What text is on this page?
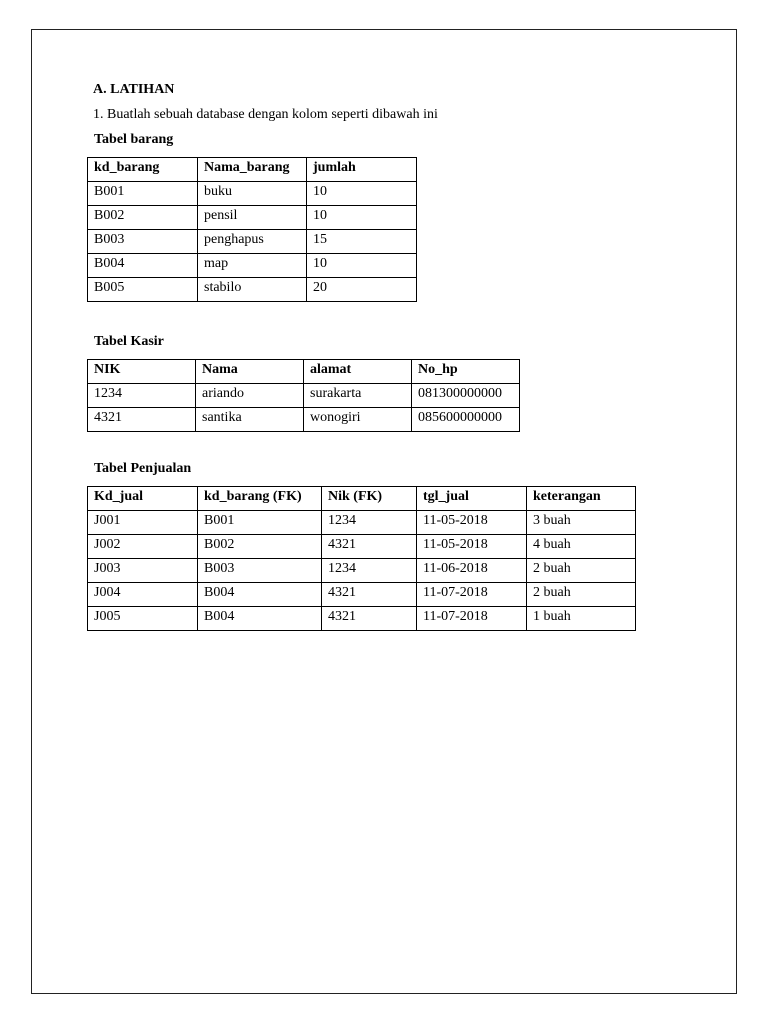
A. LATIHAN

1. Buatlah sebuah database dengan kolom seperti dibawah ini

Tabel barang

kd_barang	Nama_barang	jumlah
B001	buku	10
B002	pensil	10
B003	penghapus	15
B004	map	10
B005	stabilo	20

Tabel Kasir

NIK	Nama	alamat	No_hp
1234	ariando	surakarta	081300000000
4321	santika	wonogiri	085600000000

Tabel Penjualan

Kd_jual	kd_barang (FK)	Nik (FK)	tgl_jual	keterangan
J001	B001	1234	11-05-2018	3 buah
J002	B002	4321	11-05-2018	4 buah
J003	B003	1234	11-06-2018	2 buah
J004	B004	4321	11-07-2018	2 buah
J005	B004	4321	11-07-2018	1 buah
